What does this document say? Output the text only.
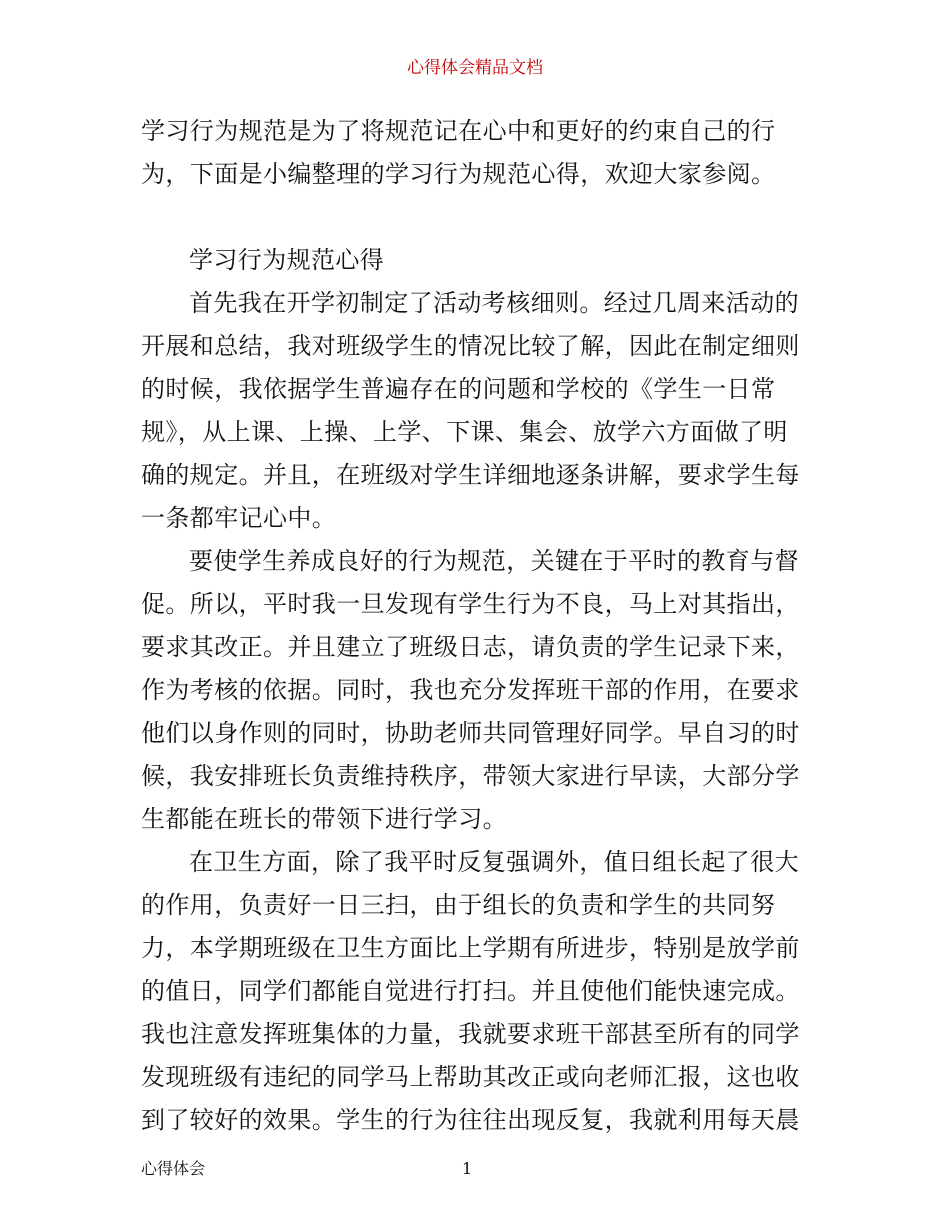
心得体会精品文档
学习行为规范是为了将规范记在心中和更好的约束自己的行
为，下面是小编整理的学习行为规范心得，欢迎大家参阅。
学习行为规范心得
首先我在开学初制定了活动考核细则。经过几周来活动的
开展和总结，我对班级学生的情况比较了解，因此在制定细则
的时候，我依据学生普遍存在的问题和学校的《学生一日常
规》，从上课、上操、上学、下课、集会、放学六方面做了明
确的规定。并且，在班级对学生详细地逐条讲解，要求学生每
一条都牢记心中。
要使学生养成良好的行为规范，关键在于平时的教育与督
促。所以，平时我一旦发现有学生行为不良，马上对其指出，
要求其改正。并且建立了班级日志，请负责的学生记录下来，
作为考核的依据。同时，我也充分发挥班干部的作用，在要求
他们以身作则的同时，协助老师共同管理好同学。早自习的时
候，我安排班长负责维持秩序，带领大家进行早读，大部分学
生都能在班长的带领下进行学习。
在卫生方面，除了我平时反复强调外，值日组长起了很大
的作用，负责好一日三扫，由于组长的负责和学生的共同努
力，本学期班级在卫生方面比上学期有所进步，特别是放学前
的值日，同学们都能自觉进行打扫。并且使他们能快速完成。
我也注意发挥班集体的力量，我就要求班干部甚至所有的同学
发现班级有违纪的同学马上帮助其改正或向老师汇报，这也收
到了较好的效果。学生的行为往往出现反复，我就利用每天晨
心得体会	1
